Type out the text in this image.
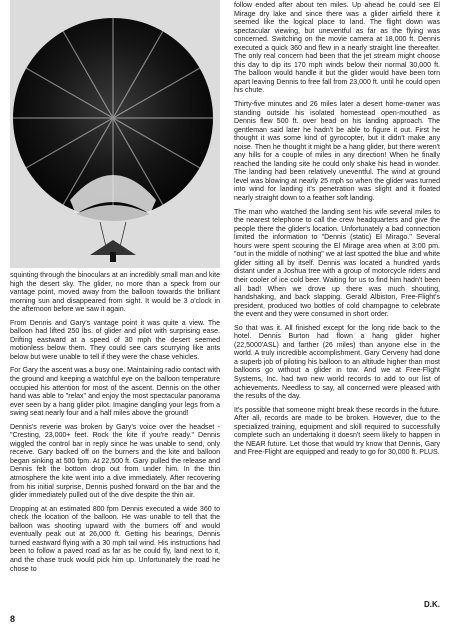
squinting through the binoculars at an incredibly small man and kite high the desert sky. The glider, no more than a speck from our vantage point, moved away from the balloon towards the brilliant morning sun and disappeared from sight. It would be 3 o'clock in the afternoon before we saw it again.

From Dennis and Gary's vantage point it was quite a view. The balloon had lifted 250 lbs. of glider and pilot with surprising ease. Drifting eastward at a speed of 30 mph the desert seemed motionless below them. They could see cars scurrying like ants below but were unable to tell if they were the chase vehicles.

For Gary the ascent was a busy one. Maintaining radio contact with the ground and keeping a watchful eye on the balloon temperature occupied his attention for most of the ascent. Dennis on the other hand was able to "relax" and enjoy the most spectacular panorama ever seen by a hang glider pilot. Imagine dangling your legs from a swing seat nearly four and a half miles above the ground!

Dennis's reverie was broken by Gary's voice over the headset - "Cresting, 23,000+ feet. Rock the kite if you're ready." Dennis wiggled the control bar in reply since he was unable to send, only receive. Gary backed off on the burners and the kite and balloon began sinking at 500 fpm. At 22,500 ft. Gary pulled the release and Dennis felt the bottom drop out from under him. In the thin atmosphere the kite went into a dive immediately. After recovering from his initial surprise, Dennis pushed forward on the bar and the glider immediately pulled out of the dive despite the thin air.

Dropping at an estimated 800 fpm Dennis executed a wide 360 to check the location of the balloon. He was unable to tell that the balloon was shooting upward with the burners off and would eventually peak out at 26,000 ft. Getting his bearings, Dennis turned eastward flying with a 30 mph tail wind. His instructions had been to follow a paved road as far as he could fly, land next to it, and the chase truck would pick him up. Unfortunately the road he chose to

follow ended after about ten miles. Up ahead he could see El Mirage dry lake and since there was a glider airfield there it seemed like the logical place to land. The flight down was spectacular viewing, but uneventful as far as the flying was concerned. Switching on the movie camera at 18,000 ft. Dennis executed a quick 360 and flew in a nearly straight line thereafter. The only real concern had been that the jet stream might choose this day to dip its 170 mph winds below their normal 30,000 ft. The balloon would handle it but the glider would have been torn apart leaving Dennis to free fall from 23,000 ft. until he could open his chute.

Thirty-five minutes and 26 miles later a desert home-owner was standing outside his isolated homestead open-mouthed as Dennis flew 500 ft. over head on his landing approach. The gentleman said later he hadn't be able to figure it out. First he thought it was some kind of gyrocopter, but it didn't make any noise. Then he thought it might be a hang glider, but there weren't any hills for a couple of miles in any direction! When he finally reached the landing site he could only shake his head in wonder. The landing had been relatively uneventful. The wind at ground level was blowing at nearly 25 mph so when the glider was turned into wind for landing it's penetration was slight and it floated nearly straight down to a feather soft landing.

The man who watched the landing sent his wife several miles to the nearest telephone to call the crew headquarters and give the people there the glider's location. Unfortunately a bad connection limited the information to "Dennis (static) El Mirago." Several hours were spent scouring the El Mirage area when at 3:00 pm. "out in the middle of nothing" we at last spotted the blue and white glider sitting all by itself. Dennis was located a hundred yards distant under a Joshua tree with a group of motorcycle riders and their cooler of ice cold beer. Waiting for us to find him hadn't been all bad! When we drove up there was much shouting, handshaking, and back slapping. Gerald Albiston, Free-Flight's president, produced two bottles of cold champagne to celebrate the event and they were consumed in short order.

So that was it. All finished except for the long ride back to the hotel. Dennis Burton had flown a hang glider higher (22,5000'ASL) and farther (26 miles) than anyone else in the world. A truly incredible accomplishment. Gary Cerveny had done a superb job of piloting his balloon to an altitude higher than most balloons go without a glider in tow. And we at Free-Flight Systems, Inc. had two new world records to add to our list of achievements. Needless to say, all concerned were pleased with the results of the day.

It's possible that someone might break these records in the future. After all, records are made to be broken. However, due to the specialized training, equipment and skill required to successfully complete such an undertaking it doesn't seem likely to happen in the NEAR future. Let those that would try know that Dennis, Gary and Free-Flight are equipped and ready to go for 30,000 ft. PLUS.

D.K.
8
